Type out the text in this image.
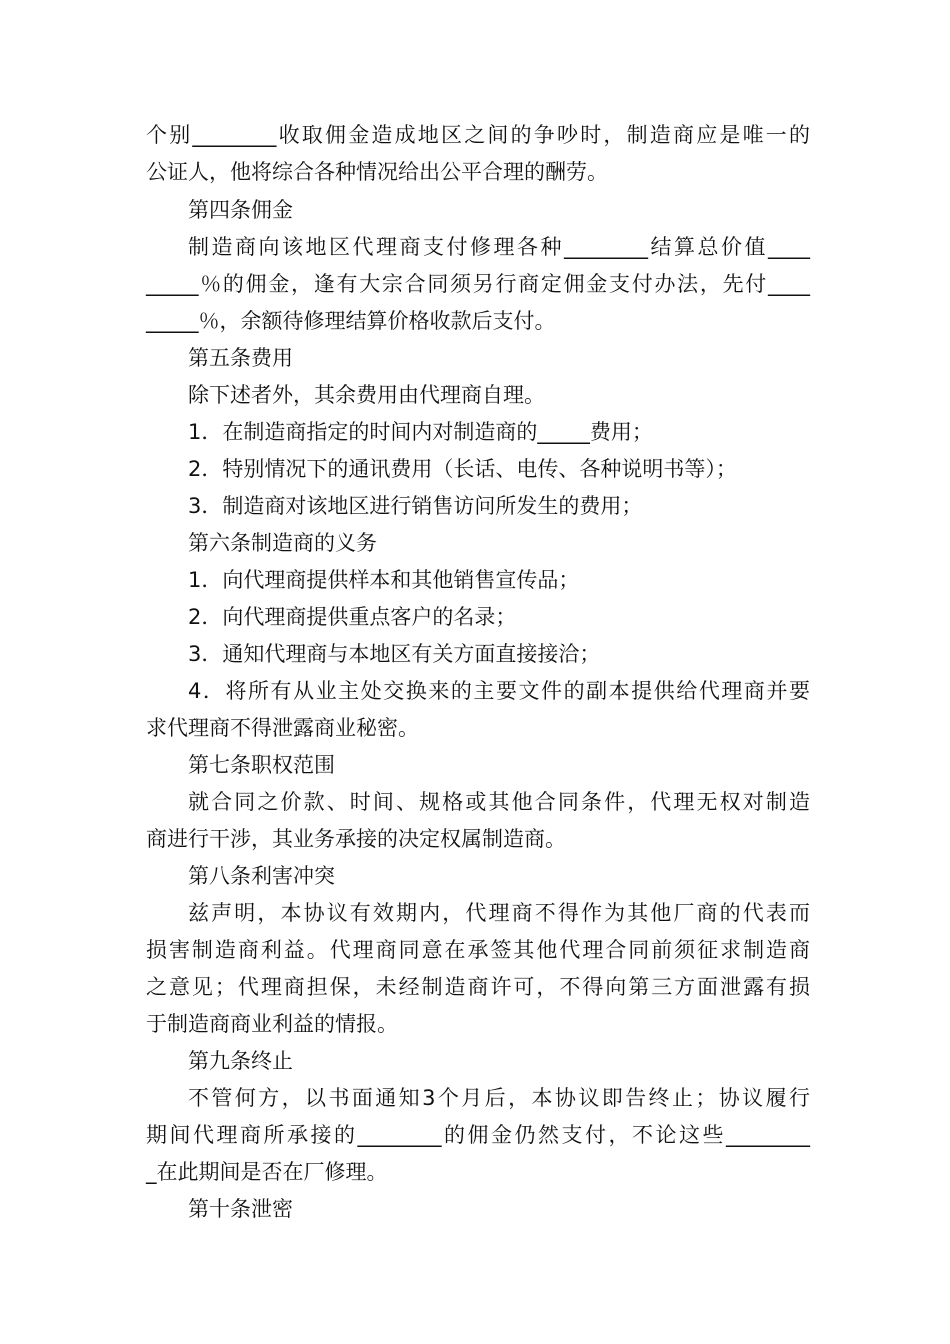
个别________收取佣金造成地区之间的争吵时，制造商应是唯一的
公证人，他将综合各种情况给出公平合理的酬劳。
第四条佣金
制造商向该地区代理商支付修理各种________结算总价值____
_____％的佣金，逢有大宗合同须另行商定佣金支付办法，先付____
_____％，余额待修理结算价格收款后支付。
第五条费用
除下述者外，其余费用由代理商自理。
1．在制造商指定的时间内对制造商的_____费用；
2．特别情况下的通讯费用（长话、电传、各种说明书等）；
3．制造商对该地区进行销售访问所发生的费用；
第六条制造商的义务
1．向代理商提供样本和其他销售宣传品；
2．向代理商提供重点客户的名录；
3．通知代理商与本地区有关方面直接接洽；
4．将所有从业主处交换来的主要文件的副本提供给代理商并要
求代理商不得泄露商业秘密。
第七条职权范围
就合同之价款、时间、规格或其他合同条件，代理无权对制造
商进行干涉，其业务承接的决定权属制造商。
第八条利害冲突
兹声明，本协议有效期内，代理商不得作为其他厂商的代表而
损害制造商利益。代理商同意在承签其他代理合同前须征求制造商
之意见；代理商担保，未经制造商许可，不得向第三方面泄露有损
于制造商商业利益的情报。
第九条终止
不管何方，以书面通知3个月后，本协议即告终止；协议履行
期间代理商所承接的________的佣金仍然支付，不论这些________
_在此期间是否在厂修理。
第十条泄密
